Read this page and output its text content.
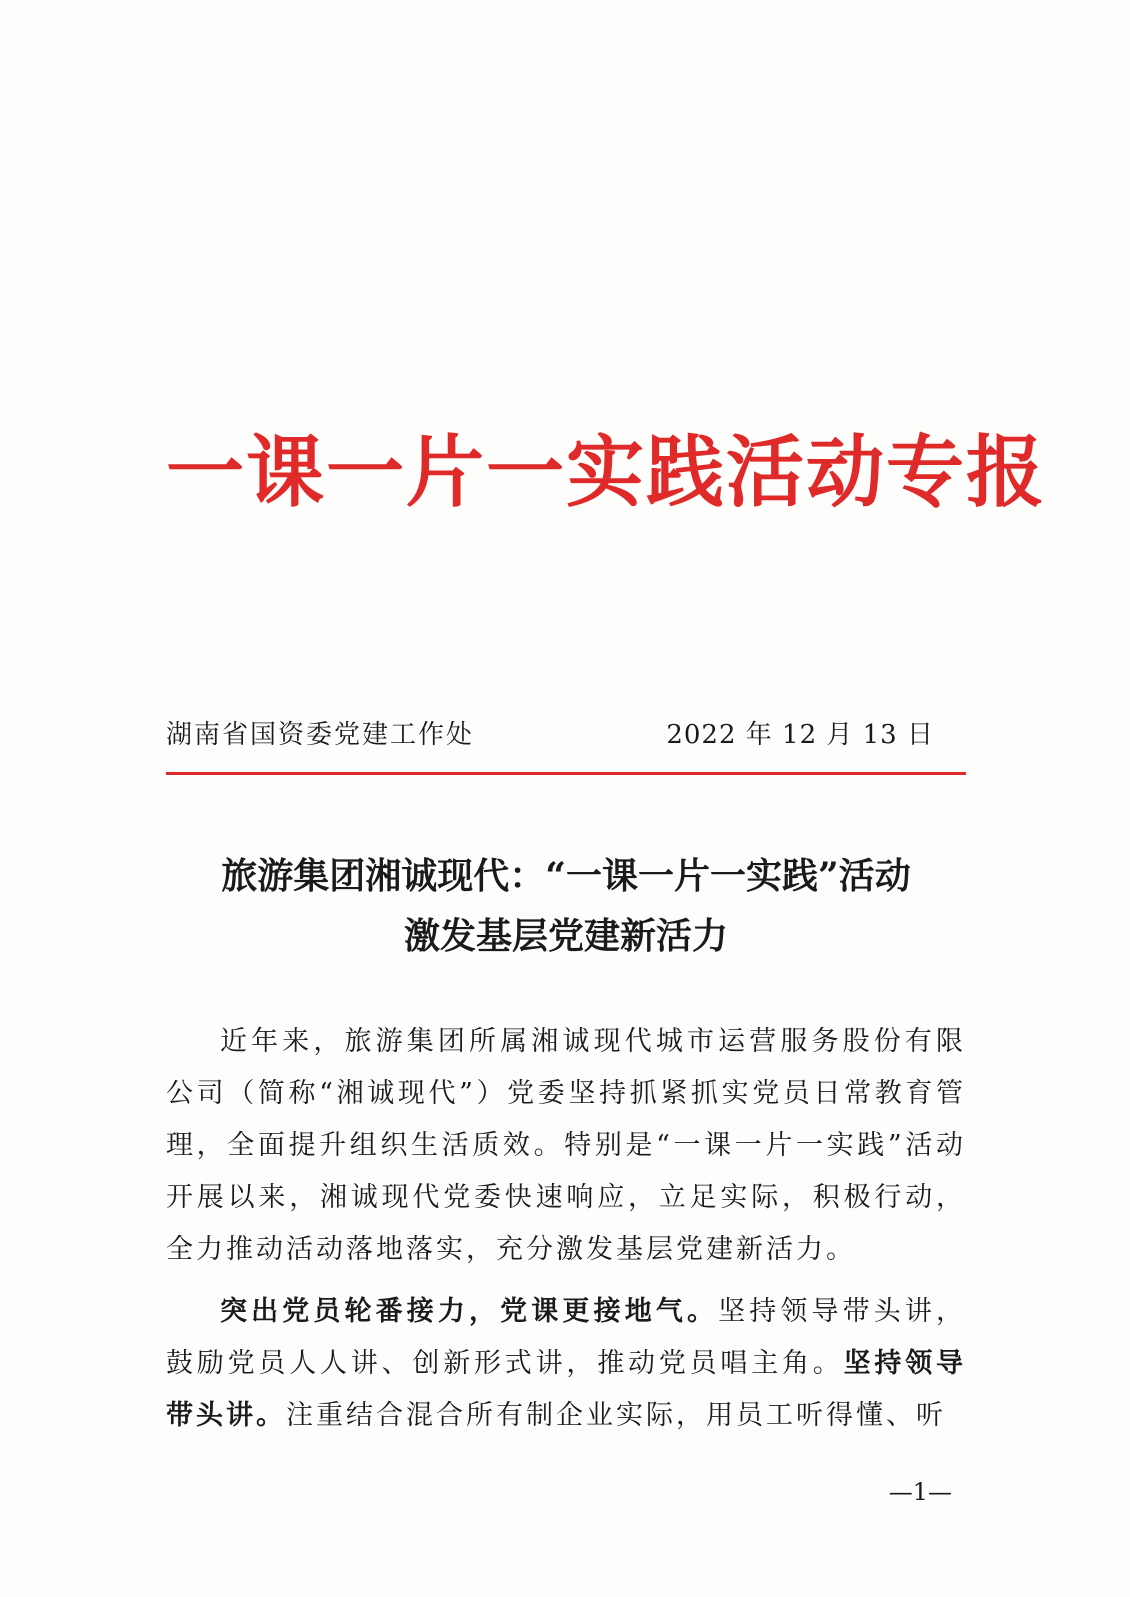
一课一片一实践活动专报
湖南省国资委党建工作处	2022 年 12 月 13 日
旅游集团湘诚现代：“一课一片一实践”活动
激发基层党建新活力

近年来，旅游集团所属湘诚现代城市运营服务股份有限公司（简称“湘诚现代”）党委坚持抓紧抓实党员日常教育管理，全面提升组织生活质效。特别是“一课一片一实践”活动开展以来，湘诚现代党委快速响应，立足实际，积极行动，全力推动活动落地落实，充分激发基层党建新活力。

突出党员轮番接力，党课更接地气。坚持领导带头讲，鼓励党员人人讲、创新形式讲，推动党员唱主角。坚持领导带头讲。注重结合混合所有制企业实际，用员工听得懂、听

—1—
